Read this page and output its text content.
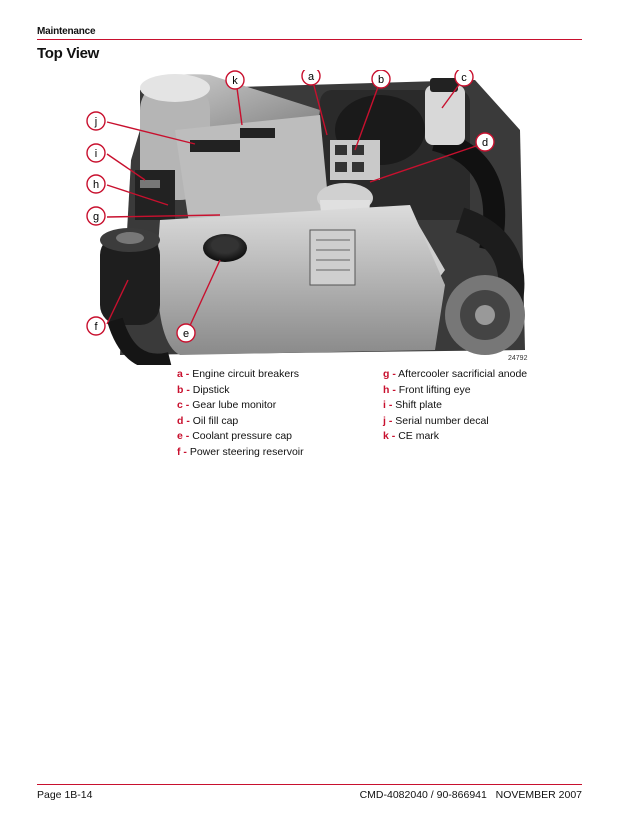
Maintenance
Top View
k	a	b	c
d
j
i
h
g
f
e
24792
a - Engine circuit breakers
b - Dipstick
c - Gear lube monitor
d - Oil fill cap
e - Coolant pressure cap
f - Power steering reservoir
g - Aftercooler sacrificial anode
h - Front lifting eye
i - Shift plate
j - Serial number decal
k - CE mark
Page 1B-14	CMD-4082040 / 90-866941 NOVEMBER 2007
